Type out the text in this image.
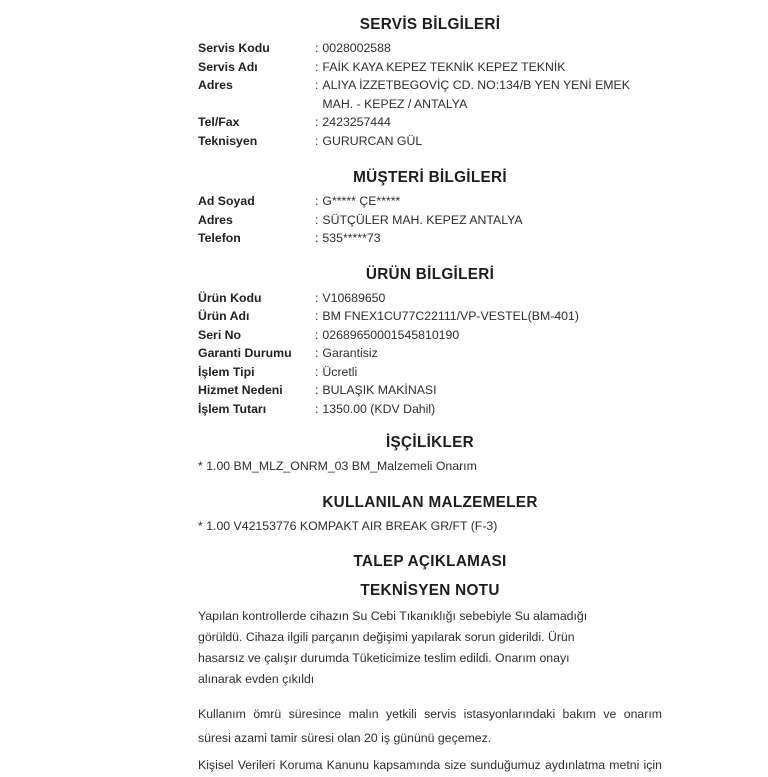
SERVİS BİLGİLERİ
Servis Kodu	: 0028002588
Servis Adı	: FAİK KAYA KEPEZ TEKNİK KEPEZ TEKNİK
Adres	: ALIYA İZZETBEGOVİÇ CD. NO:134/B YEN YENİ EMEK MAH. - KEPEZ / ANTALYA
Tel/Fax	: 2423257444
Teknisyen	: GURURCAN GÜL
MÜŞTERİ BİLGİLERİ
Ad Soyad	: G***** ÇE*****
Adres	: SÜTÇÜLER MAH. KEPEZ ANTALYA
Telefon	: 535*****73
ÜRÜN BİLGİLERİ
Ürün Kodu	: V10689650
Ürün Adı	: BM FNEX1CU77C22111/VP-VESTEL(BM-401)
Seri No	: 02689650001545810190
Garanti Durumu	: Garantisiz
İşlem Tipi	: Ücretli
Hizmet Nedeni	: BULAŞIK MAKİNASI
İşlem Tutarı	: 1350.00 (KDV Dahil)
İŞÇİLİKLER

* 1.00 BM_MLZ_ONRM_03 BM_Malzemeli Onarım

KULLANILAN MALZEMELER

* 1.00 V42153776 KOMPAKT AIR BREAK GR/FT (F-3)

TALEP AÇIKLAMASI
TEKNİSYEN NOTU

Yapılan kontrollerde cihazın Su Cebi Tıkanıklığı sebebiyle Su alamadığı görüldü. Cihaza ilgili parçanın değişimi yapılarak sorun giderildi. Ürün hasarsız ve çalışır durumda Tüketicimize teslim edildi. Onarım onayı alınarak evden çıkıldı

Kullanım ömrü süresince malın yetkili servis istasyonlarındaki bakım ve onarım süresi azami tamir süresi olan 20 iş gününü geçemez.

Kişisel Verileri Koruma Kanunu kapsamında size sunduğumuz aydınlatma metni için
